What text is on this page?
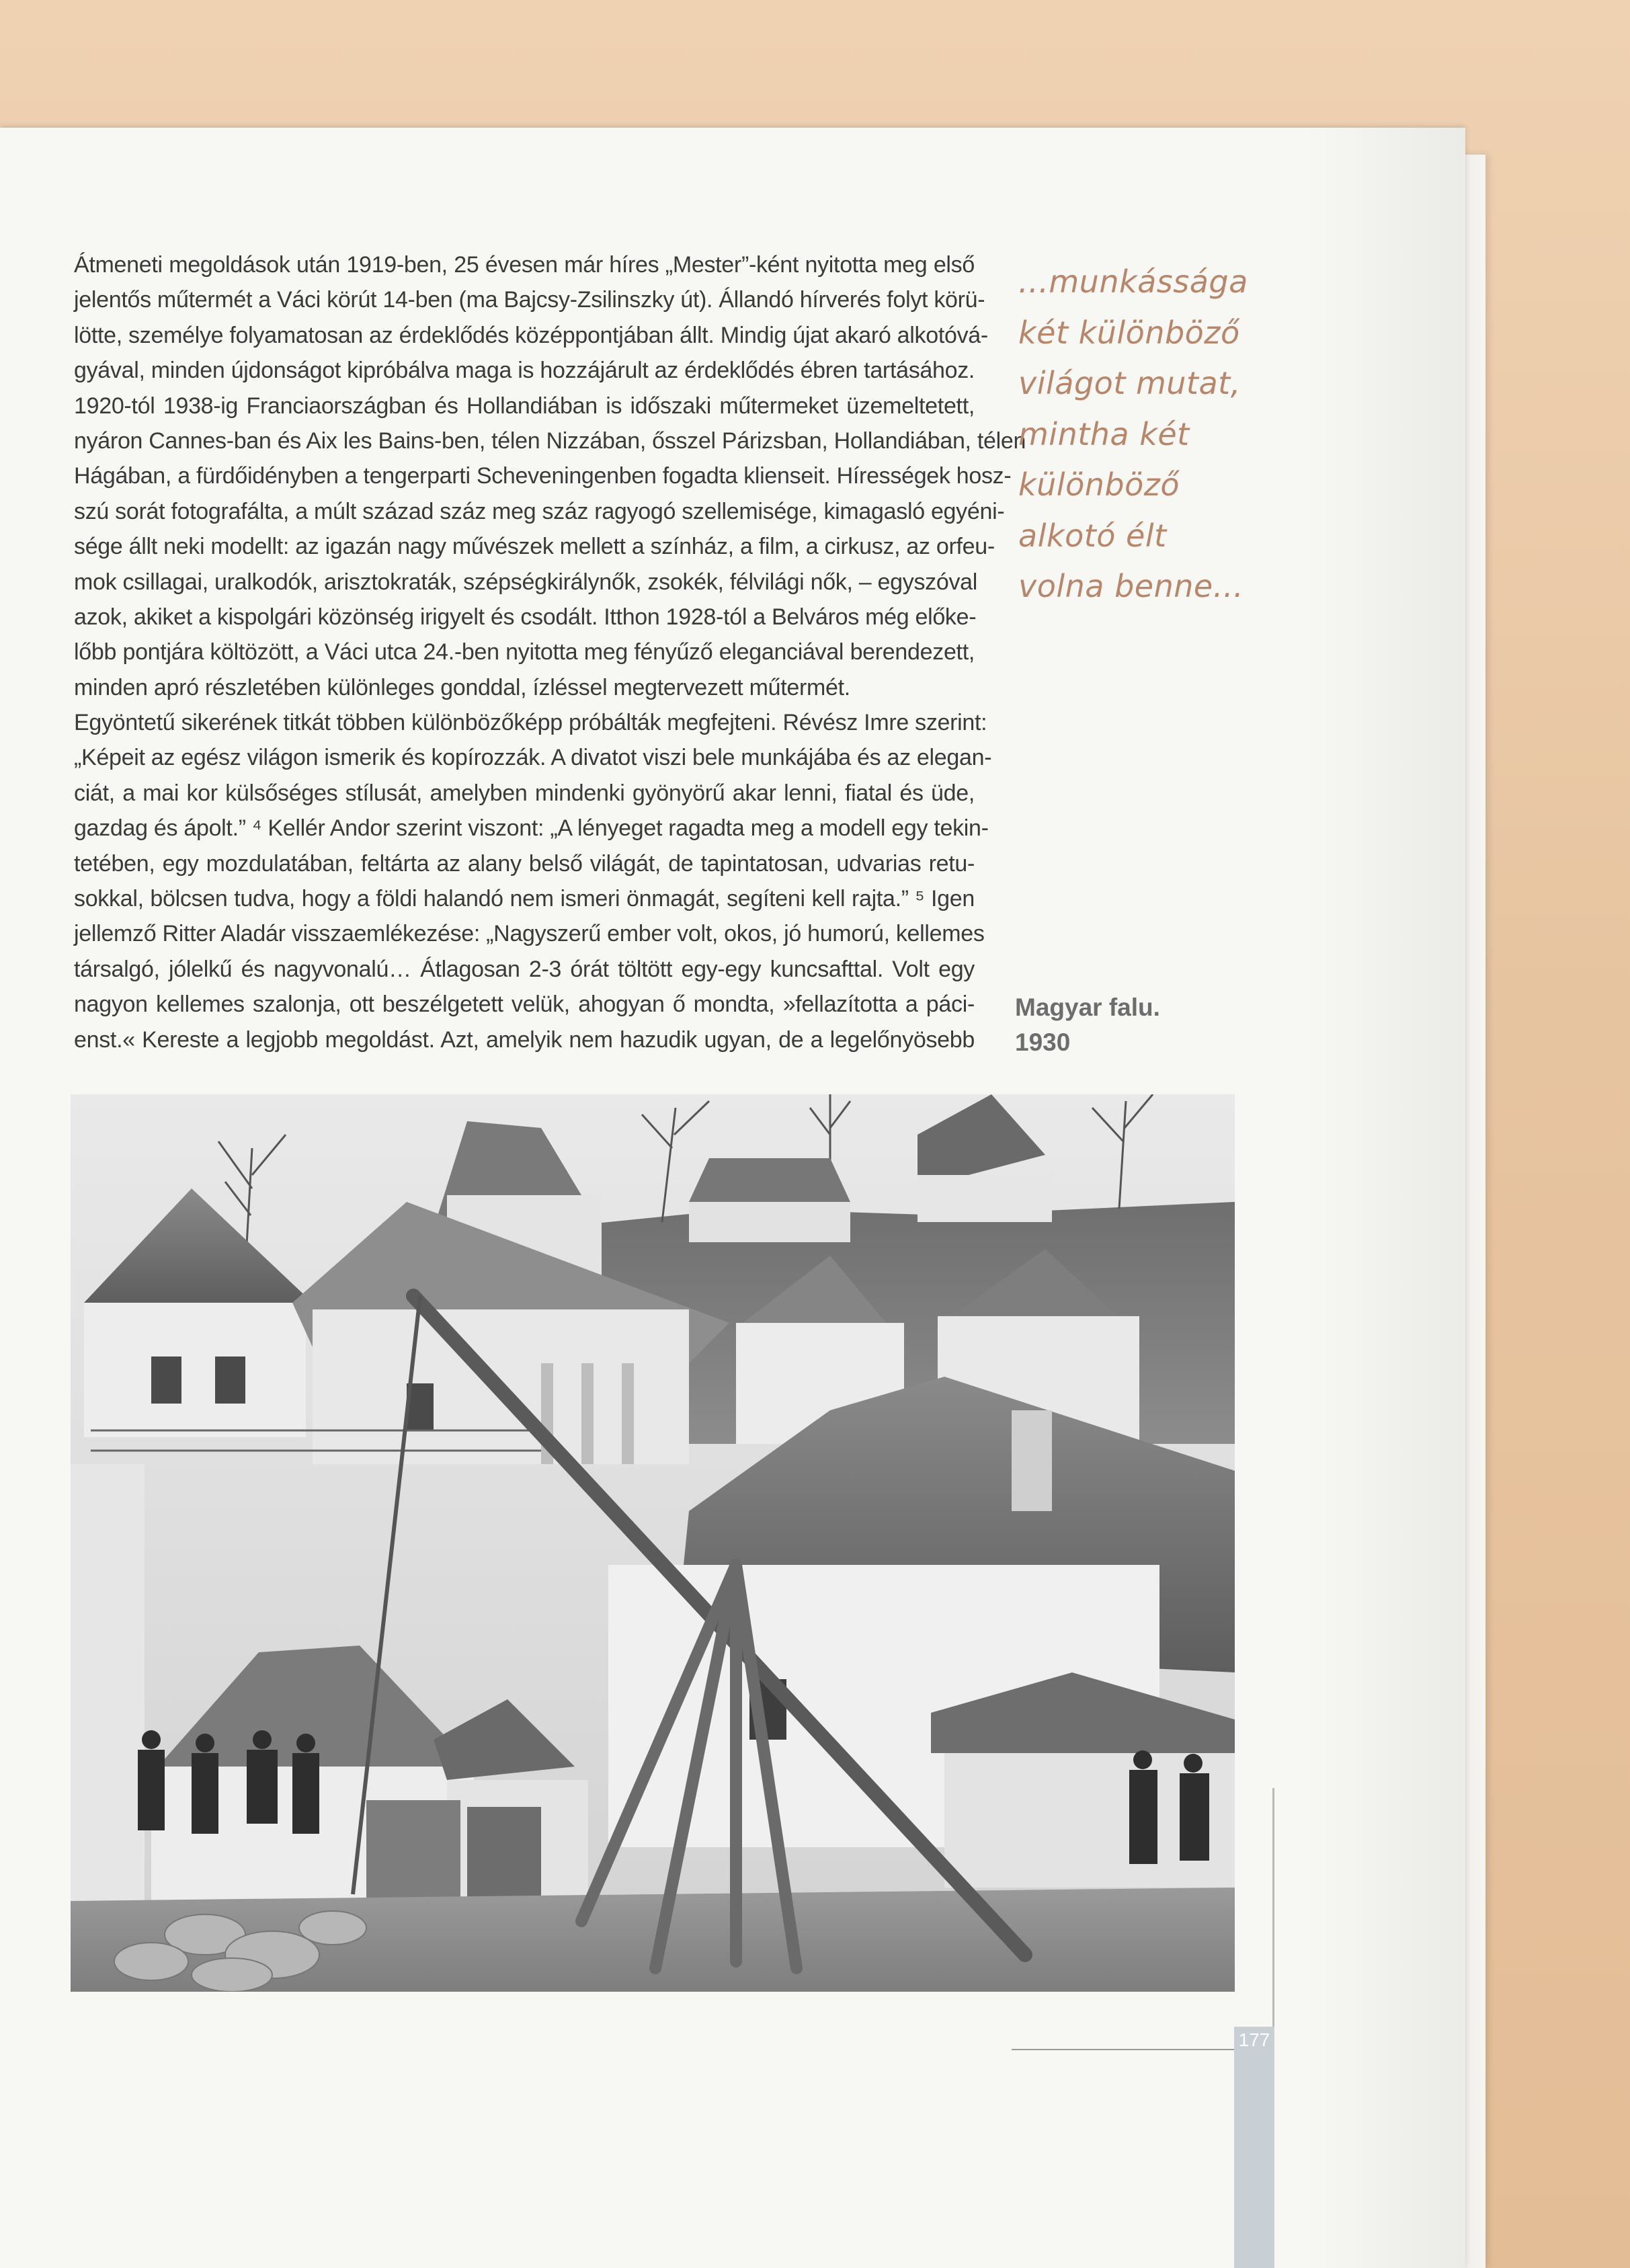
Átmeneti megoldások után 1919-ben, 25 évesen már híres „Mester”-ként nyitotta meg első
jelentős műtermét a Váci körút 14-ben (ma Bajcsy-Zsilinszky út). Állandó hírverés folyt körü-
lötte, személye folyamatosan az érdeklődés középpontjában állt. Mindig újat akaró alkotóvá-
gyával, minden újdonságot kipróbálva maga is hozzájárult az érdeklődés ébren tartásához.
1920-tól 1938-ig Franciaországban és Hollandiában is időszaki műtermeket üzemeltetett,
nyáron Cannes-ban és Aix les Bains-ben, télen Nizzában, ősszel Párizsban, Hollandiában, télen
Hágában, a fürdőidényben a tengerparti Scheveningenben fogadta klienseit. Hírességek hosz-
szú sorát fotografálta, a múlt század száz meg száz ragyogó szellemisége, kimagasló egyéni-
sége állt neki modellt: az igazán nagy művészek mellett a színház, a film, a cirkusz, az orfeu-
mok csillagai, uralkodók, arisztokraták, szépségkirálynők, zsokék, félvilági nők, – egyszóval
azok, akiket a kispolgári közönség irigyelt és csodált. Itthon 1928-tól a Belváros még előke-
lőbb pontjára költözött, a Váci utca 24.-ben nyitotta meg fényűző eleganciával berendezett,
minden apró részletében különleges gonddal, ízléssel megtervezett műtermét.
Egyöntetű sikerének titkát többen különbözőképp próbálták megfejteni. Révész Imre szerint:
„Képeit az egész világon ismerik és kopírozzák. A divatot viszi bele munkájába és az elegan-
ciát, a mai kor külsőséges stílusát, amelyben mindenki gyönyörű akar lenni, fiatal és üde,
gazdag és ápolt.” ⁴ Kellér Andor szerint viszont: „A lényeget ragadta meg a modell egy tekin-
tetében, egy mozdulatában, feltárta az alany belső világát, de tapintatosan, udvarias retu-
sokkal, bölcsen tudva, hogy a földi halandó nem ismeri önmagát, segíteni kell rajta.” ⁵ Igen
jellemző Ritter Aladár visszaemlékezése: „Nagyszerű ember volt, okos, jó humorú, kellemes
társalgó, jólelkű és nagyvonalú… Átlagosan 2-3 órát töltött egy-egy kuncsafttal. Volt egy
nagyon kellemes szalonja, ott beszélgetett velük, ahogyan ő mondta, »fellazította a páci-
enst.« Kereste a legjobb megoldást. Azt, amelyik nem hazudik ugyan, de a legelőnyösebb
...munkássága
két különböző
világot mutat,
mintha két
különböző
alkotó élt
volna benne...
Magyar falu.
1930
177
